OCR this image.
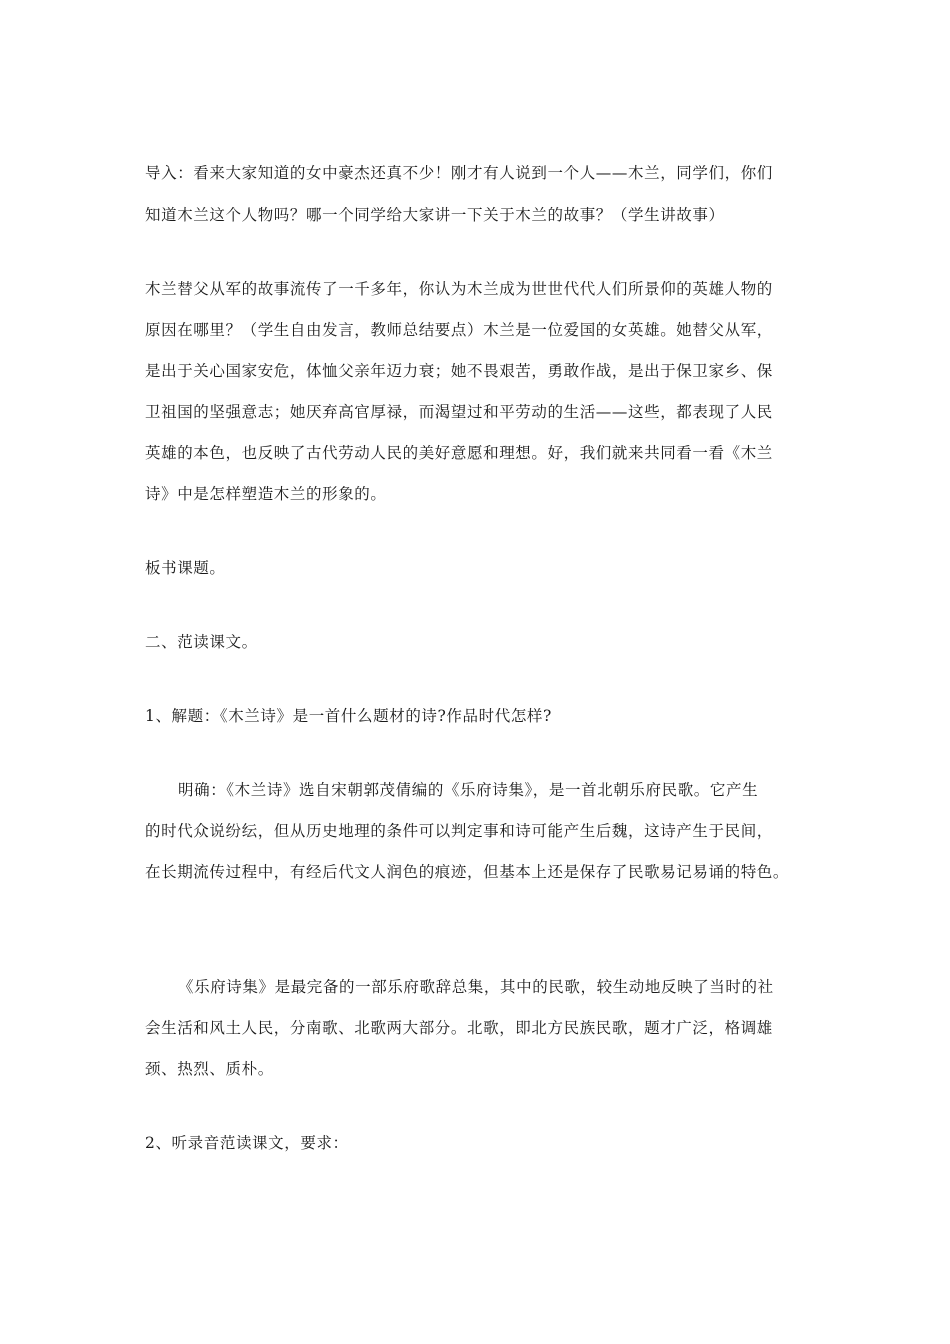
导入：看来大家知道的女中豪杰还真不少！刚才有人说到一个人——木兰，同学们，你们
知道木兰这个人物吗？哪一个同学给大家讲一下关于木兰的故事？（学生讲故事）
木兰替父从军的故事流传了一千多年，你认为木兰成为世世代代人们所景仰的英雄人物的
原因在哪里？（学生自由发言，教师总结要点）木兰是一位爱国的女英雄。她替父从军，
是出于关心国家安危，体恤父亲年迈力衰；她不畏艰苦，勇敢作战，是出于保卫家乡、保
卫祖国的坚强意志；她厌弃高官厚禄，而渴望过和平劳动的生活——这些，都表现了人民
英雄的本色，也反映了古代劳动人民的美好意愿和理想。好，我们就来共同看一看《木兰
诗》中是怎样塑造木兰的形象的。
板书课题。
二、范读课文。
1、解题：《木兰诗》是一首什么题材的诗?作品时代怎样?
明确：《木兰诗》选自宋朝郭茂倩编的《乐府诗集》，是一首北朝乐府民歌。它产生
的时代众说纷纭，但从历史地理的条件可以判定事和诗可能产生后魏，这诗产生于民间，
在长期流传过程中，有经后代文人润色的痕迹，但基本上还是保存了民歌易记易诵的特色。
《乐府诗集》是最完备的一部乐府歌辞总集，其中的民歌，较生动地反映了当时的社
会生活和风土人民，分南歌、北歌两大部分。北歌，即北方民族民歌，题才广泛，格调雄
颈、热烈、质朴。
2、听录音范读课文，要求：
